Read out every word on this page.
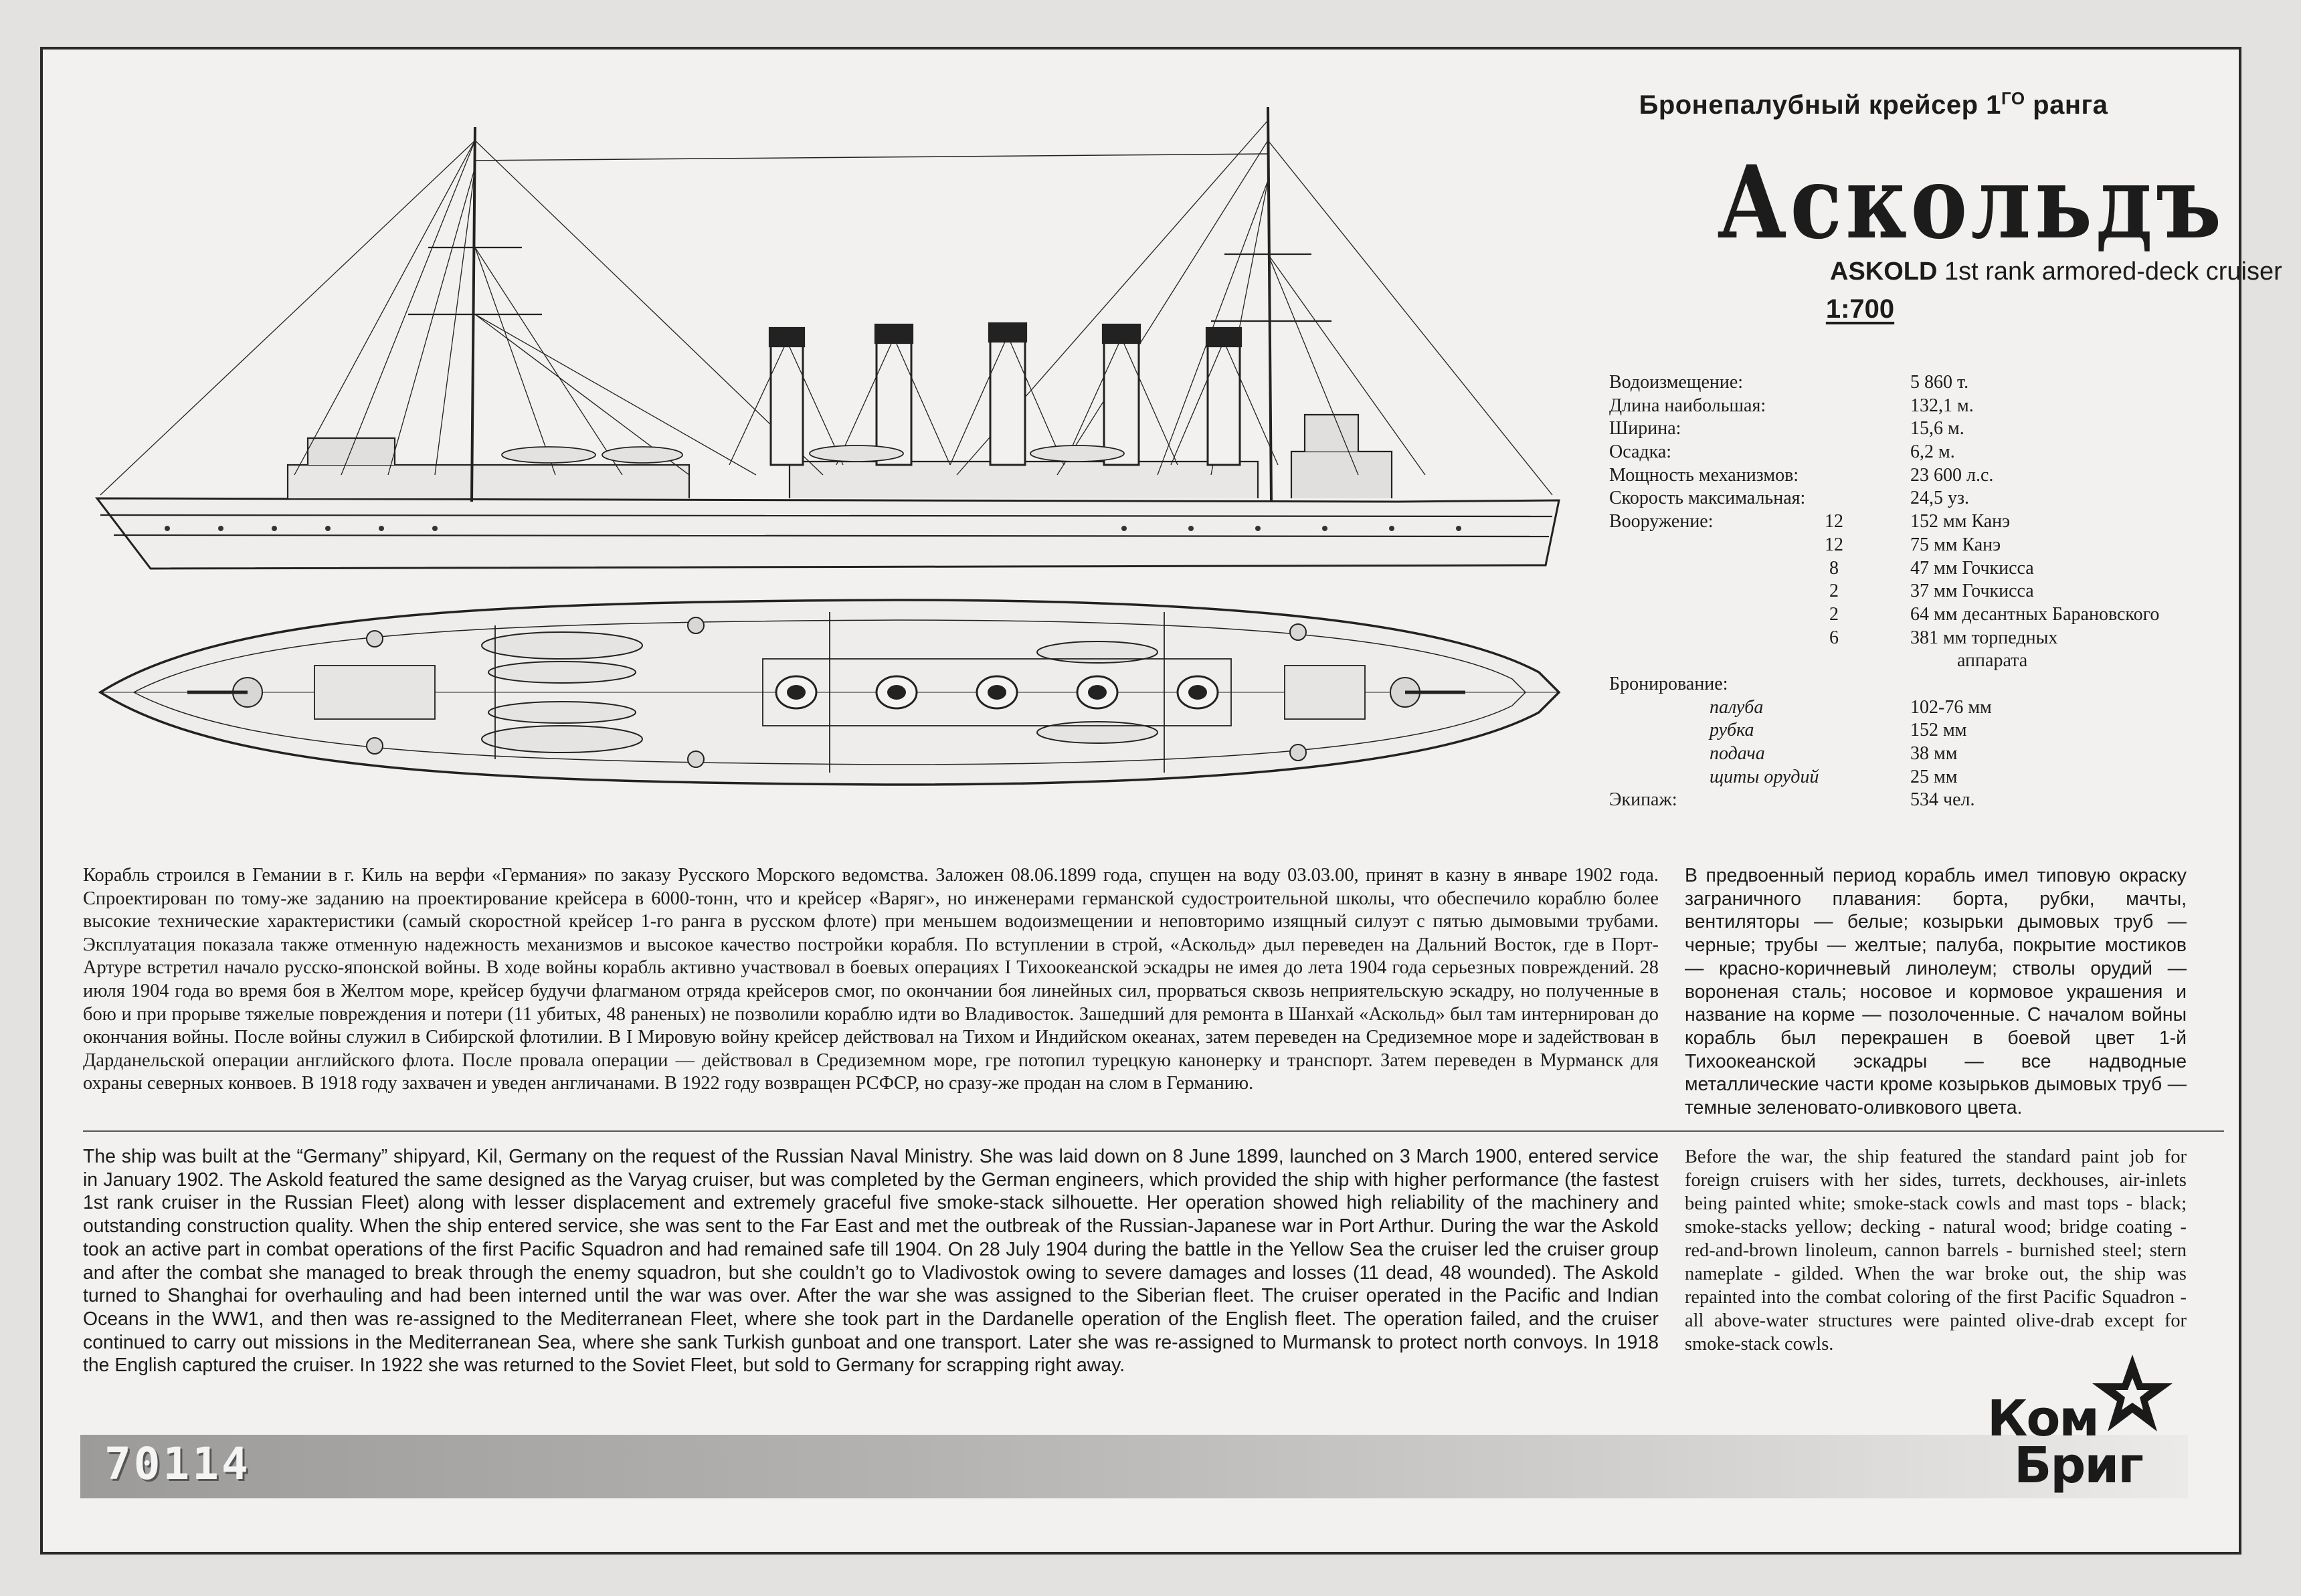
Бронепалубный крейсер $1^{ГО}$ ранга
Аскольдъ
ASKOLD 1st rank armored-deck cruiser
1:700
Водоизмещение:	5 860 т.
Длина наибольшая:	132,1 м.
Ширина:	15,6 м.
Осадка:	6,2 м.
Мощность механизмов:	23 600 л.с.
Скорость максимальная:	24,5 уз.
Вооружение:	12	152 мм Канэ
12	75 мм Канэ
8	47 мм Гочкисса
2	37 мм Гочкисса
2	64 мм десантных Барановского
6	381 мм торпедных
аппарата
Бронирование:
палуба	102-76 мм
рубка	152 мм
подача	38 мм
щиты орудий	25 мм
Экипаж:	534 чел.
Корабль строился в Гемании в г. Киль на верфи «Германия» по заказу Русского Морского ведомства. Заложен 08.06.1899 года, спущен на воду 03.03.00, принят в казну в январе 1902 года. Спроектирован по тому-же заданию на проектирование крейсера в 6000-тонн, что и крейсер «Варяг», но инженерами германской судостроительной школы, что обеспечило кораблю более высокие технические характеристики (самый скоростной крейсер 1-го ранга в русском флоте) при меньшем водоизмещении и неповторимо изящный силуэт с пятью дымовыми трубами. Эксплуатация показала также отменную надежность механизмов и высокое качество постройки корабля. По вступлении в строй, «Аскольд» дыл переведен на Дальний Восток, где в Порт-Артуре встретил начало русско-японской войны. В ходе войны корабль активно участвовал в боевых операциях I Тихоокеанской эскадры не имея до лета 1904 года серьезных повреждений. 28 июля 1904 года во время боя в Желтом море, крейсер будучи флагманом отряда крейсеров смог, по окончании боя линейных сил, прорваться сквозь неприятельскую эскадру, но полученные в бою и при прорыве тяжелые повреждения и потери (11 убитых, 48 раненых) не позволили кораблю идти во Владивосток. Зашедший для ремонта в Шанхай «Аскольд» был там интернирован до окончания войны. После войны служил в Сибирской флотилии. В I Мировую войну крейсер действовал на Тихом и Индийском океанах, затем переведен на Средиземное море и задействован в Дарданельской операции английского флота. После провала операции — действовал в Средиземном море, гре потопил турецкую канонерку и транспорт. Затем переведен в Мурманск для охраны северных конвоев. В 1918 году захвачен и уведен англичанами. В 1922 году возвращен РСФСР, но сразу-же продан на слом в Германию.
В предвоенный период корабль имел типовую окраску заграничного плавания: борта, рубки, мачты, вентиляторы — белые; козырьки дымовых труб — черные; трубы — желтые; палуба, покрытие мостиков — красно-коричневый линолеум; стволы орудий — вороненая сталь; носовое и кормовое украшения и название на корме — позолоченные. С началом войны корабль был перекрашен в боевой цвет 1-й Тихоокеанской эскадры — все надводные металлические части кроме козырьков дымовых труб — темные зеленовато-оливкового цвета.
The ship was built at the “Germany” shipyard, Kil, Germany on the request of the Russian Naval Ministry. She was laid down on 8 June 1899, launched on 3 March 1900, entered service in January 1902. The Askold featured the same designed as the Varyag cruiser, but was completed by the German engineers, which provided the ship with higher performance (the fastest 1st rank cruiser in the Russian Fleet) along with lesser displacement and extremely graceful five smoke-stack silhouette. Her operation showed high reliability of the machinery and outstanding construction quality. When the ship entered service, she was sent to the Far East and met the outbreak of the Russian-Japanese war in Port Arthur. During the war the Askold took an active part in combat operations of the first Pacific Squadron and had remained safe till 1904. On 28 July 1904 during the battle in the Yellow Sea the cruiser led the cruiser group and after the combat she managed to break through the enemy squadron, but she couldn’t go to Vladivostok owing to severe damages and losses (11 dead, 48 wounded). The Askold turned to Shanghai for overhauling and had been interned until the war was over. After the war she was assigned to the Siberian fleet. The cruiser operated in the Pacific and Indian Oceans in the WW1, and then was re-assigned to the Mediterranean Fleet, where she took part in the Dardanelle operation of the English fleet. The operation failed, and the cruiser continued to carry out missions in the Mediterranean Sea, where she sank Turkish gunboat and one transport. Later she was re-assigned to Murmansk to protect north convoys. In 1918 the English captured the cruiser. In 1922 she was returned to the Soviet Fleet, but sold to Germany for scrapping right away.
Before the war, the ship featured the standard paint job for foreign cruisers with her sides, turrets, deckhouses, air-inlets being painted white; smoke-stack cowls and mast tops - black; smoke-stacks yellow; decking - natural wood; bridge coating - red-and-brown linoleum, cannon barrels - burnished steel; stern nameplate - gilded. When the war broke out, the ship was repainted into the combat coloring of the first Pacific Squadron - all above-water structures were painted olive-drab except for smoke-stack cowls.
70114
Ком
Бриг
